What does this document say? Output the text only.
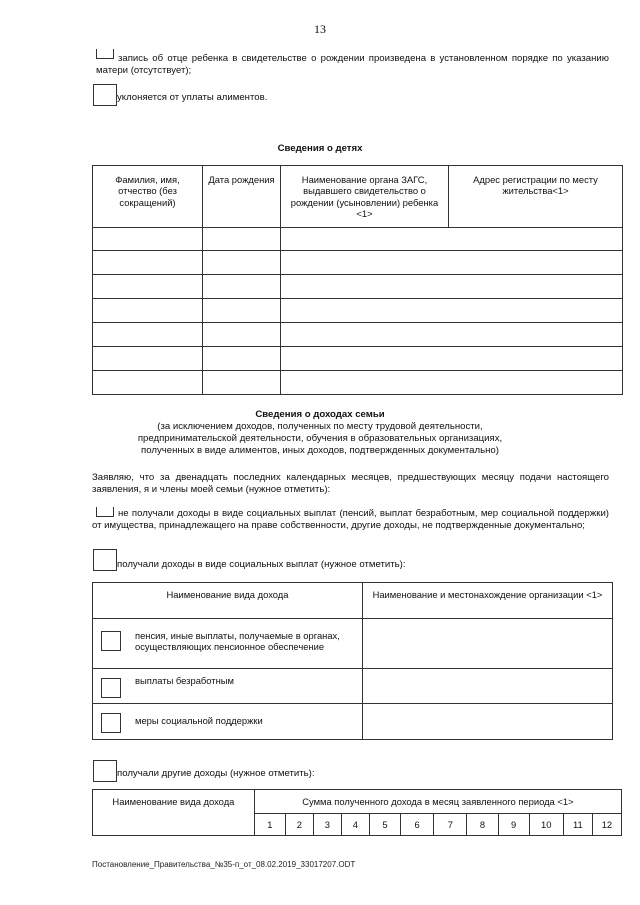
13
запись об отце ребенка в свидетельстве о рождении произведена в установленном порядке по указанию матери (отсутствует);
уклоняется от уплаты алиментов.
Сведения о детях
Фамилия, имя, отчество (без сокращений)	Дата рождения	Наименование органа ЗАГС, выдавшего свидетельство о рождении (усыновлении) ребенка <1>	Адрес регистрации по месту жительства<1>

Сведения о доходах семьи
(за исключением доходов, полученных по месту трудовой деятельности,
предпринимательской деятельности, обучения в образовательных организациях,
полученных в виде алиментов, иных доходов, подтвержденных документально)
Заявляю, что за двенадцать последних календарных месяцев, предшествующих месяцу подачи настоящего заявления, я и члены моей семьи (нужное отметить):
не получали доходы в виде социальных выплат (пенсий, выплат безработным, мер социальной поддержки) от имущества, принадлежащего на праве собственности, другие доходы, не подтвержденные документально;
получали доходы в виде социальных выплат (нужное отметить):
Наименование вида дохода	Наименование и местонахождение организации <1>

пенсия, иные выплаты, получаемые в органах, осуществляющих пенсионное обеспечение	

выплаты безработным	

меры социальной поддержки	

получали другие доходы (нужное отметить):
Наименование вида дохода	Сумма полученного дохода в месяц заявленного периода <1>											
	1	2	3	4	5	6	7	8	9	10	11	12
Постановление_Правительства_№35-п_от_08.02.2019_33017207.ODT
